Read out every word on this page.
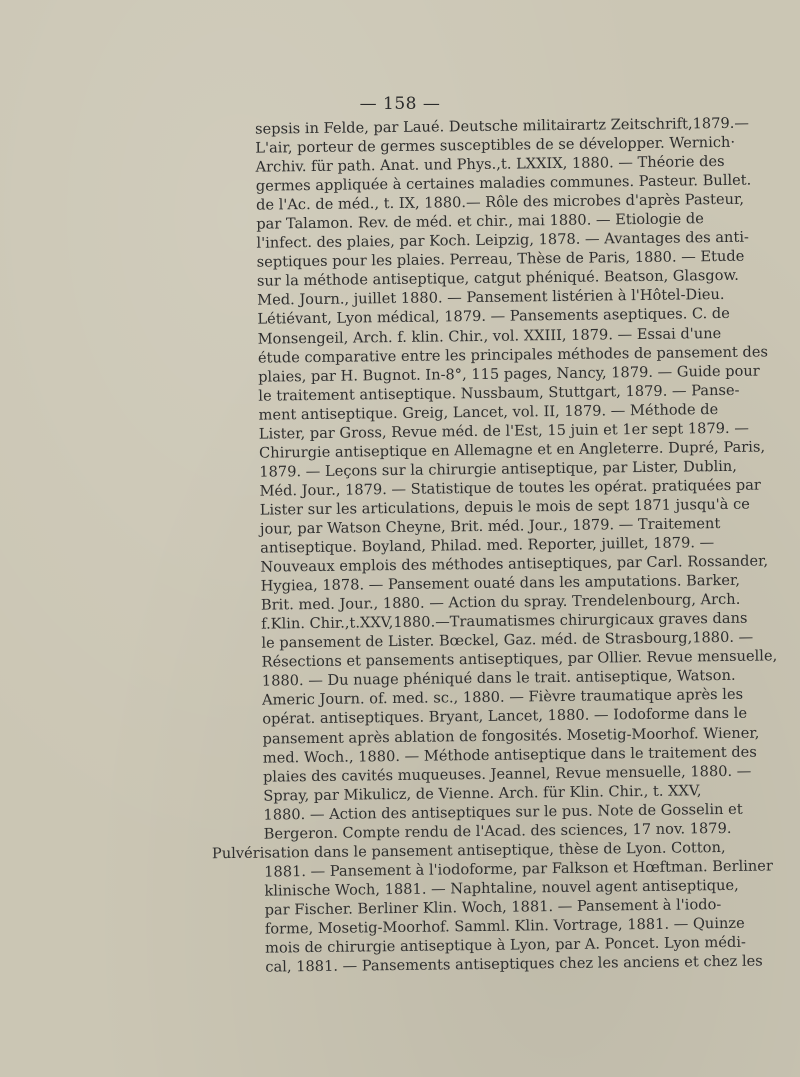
— 158 —
sepsis in Felde, par Laué. Deutsche militairartz Zeitschrift,1879.—
L'air, porteur de germes susceptibles de se développer. Wernich·
Archiv. für path. Anat. und Phys.,t. LXXIX, 1880. — Théorie des
germes appliquée à certaines maladies communes. Pasteur. Bullet.
de l'Ac. de méd., t. IX, 1880.— Rôle des microbes d'après Pasteur,
par Talamon. Rev. de méd. et chir., mai 1880. — Etiologie de
l'infect. des plaies, par Koch. Leipzig, 1878. — Avantages des anti-
septiques pour les plaies. Perreau, Thèse de Paris, 1880. — Etude
sur la méthode antiseptique, catgut phéniqué. Beatson, Glasgow.
Med. Journ., juillet 1880. — Pansement listérien à l'Hôtel-Dieu.
Létiévant, Lyon médical, 1879. — Pansements aseptiques. C. de
Monsengeil, Arch. f. klin. Chir., vol. XXIII, 1879. — Essai d'une
étude comparative entre les principales méthodes de pansement des
plaies, par H. Bugnot. In-8°, 115 pages, Nancy, 1879. — Guide pour
le traitement antiseptique. Nussbaum, Stuttgart, 1879. — Panse-
ment antiseptique. Greig, Lancet, vol. II, 1879. — Méthode de
Lister, par Gross, Revue méd. de l'Est, 15 juin et 1er sept 1879. —
Chirurgie antiseptique en Allemagne et en Angleterre. Dupré, Paris,
1879. — Leçons sur la chirurgie antiseptique, par Lister, Dublin,
Méd. Jour., 1879. — Statistique de toutes les opérat. pratiquées par
Lister sur les articulations, depuis le mois de sept 1871 jusqu'à ce
jour, par Watson Cheyne, Brit. méd. Jour., 1879. — Traitement
antiseptique. Boyland, Philad. med. Reporter, juillet, 1879. —
Nouveaux emplois des méthodes antiseptiques, par Carl. Rossander,
Hygiea, 1878. — Pansement ouaté dans les amputations. Barker,
Brit. med. Jour., 1880. — Action du spray. Trendelenbourg, Arch.
f.Klin. Chir.,t.XXV,1880.—Traumatismes chirurgicaux graves dans
le pansement de Lister. Bœckel, Gaz. méd. de Strasbourg,1880. —
Résections et pansements antiseptiques, par Ollier. Revue mensuelle,
1880. — Du nuage phéniqué dans le trait. antiseptique, Watson.
Americ Journ. of. med. sc., 1880. — Fièvre traumatique après les
opérat. antiseptiques. Bryant, Lancet, 1880. — Iodoforme dans le
pansement après ablation de fongosités. Mosetig-Moorhof. Wiener,
med. Woch., 1880. — Méthode antiseptique dans le traitement des
plaies des cavités muqueuses. Jeannel, Revue mensuelle, 1880. —
Spray, par Mikulicz, de Vienne. Arch. für Klin. Chir., t. XXV,
1880. — Action des antiseptiques sur le pus. Note de Gosselin et
Bergeron. Compte rendu de l'Acad. des sciences, 17 nov. 1879.
Pulvérisation dans le pansement antiseptique, thèse de Lyon. Cotton,
1881. — Pansement à l'iodoforme, par Falkson et Hœftman. Berliner
klinische Woch, 1881. — Naphtaline, nouvel agent antiseptique,
par Fischer. Berliner Klin. Woch, 1881. — Pansement à l'iodo-
forme, Mosetig-Moorhof. Samml. Klin. Vortrage, 1881. — Quinze
mois de chirurgie antiseptique à Lyon, par A. Poncet. Lyon médi-
cal, 1881. — Pansements antiseptiques chez les anciens et chez les
